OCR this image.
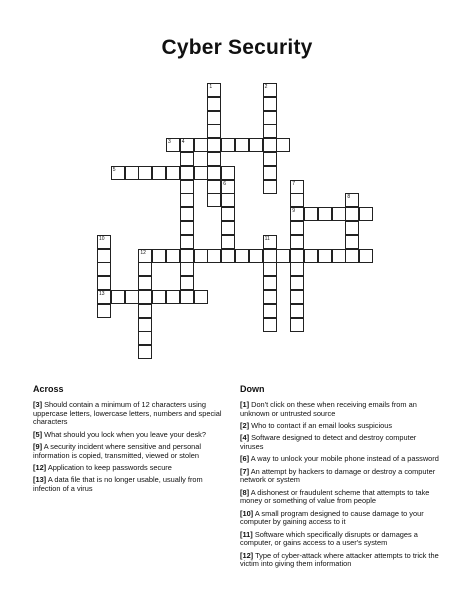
Cyber Security
3 4
5
9
12
13
1	2
6	7
8
10	11
Across	Down
[3] Should contain a minimum of 12 characters using uppercase letters, lowercase letters, numbers and special characters
[5] What should you lock when you leave your desk?
[9] A security incident where sensitive and personal information is copied, transmitted, viewed or stolen
[12] Application to keep passwords secure
[13] A data file that is no longer usable, usually from infection of a virus
[1] Don't click on these when receiving emails from an unknown or untrusted source
[2] Who to contact if an email looks suspicious
[4] Software designed to detect and destroy computer viruses
[6] A way to unlock your mobile phone instead of a password
[7] An attempt by hackers to damage or destroy a computer network or system
[8] A dishonest or fraudulent scheme that attempts to take money or something of value from people
[10] A small program designed to cause damage to your computer by gaining access to it
[11] Software which specifically disrupts or damages a computer, or gains access to a user's system
[12] Type of cyber-attack where attacker attempts to trick the victim into giving them information
